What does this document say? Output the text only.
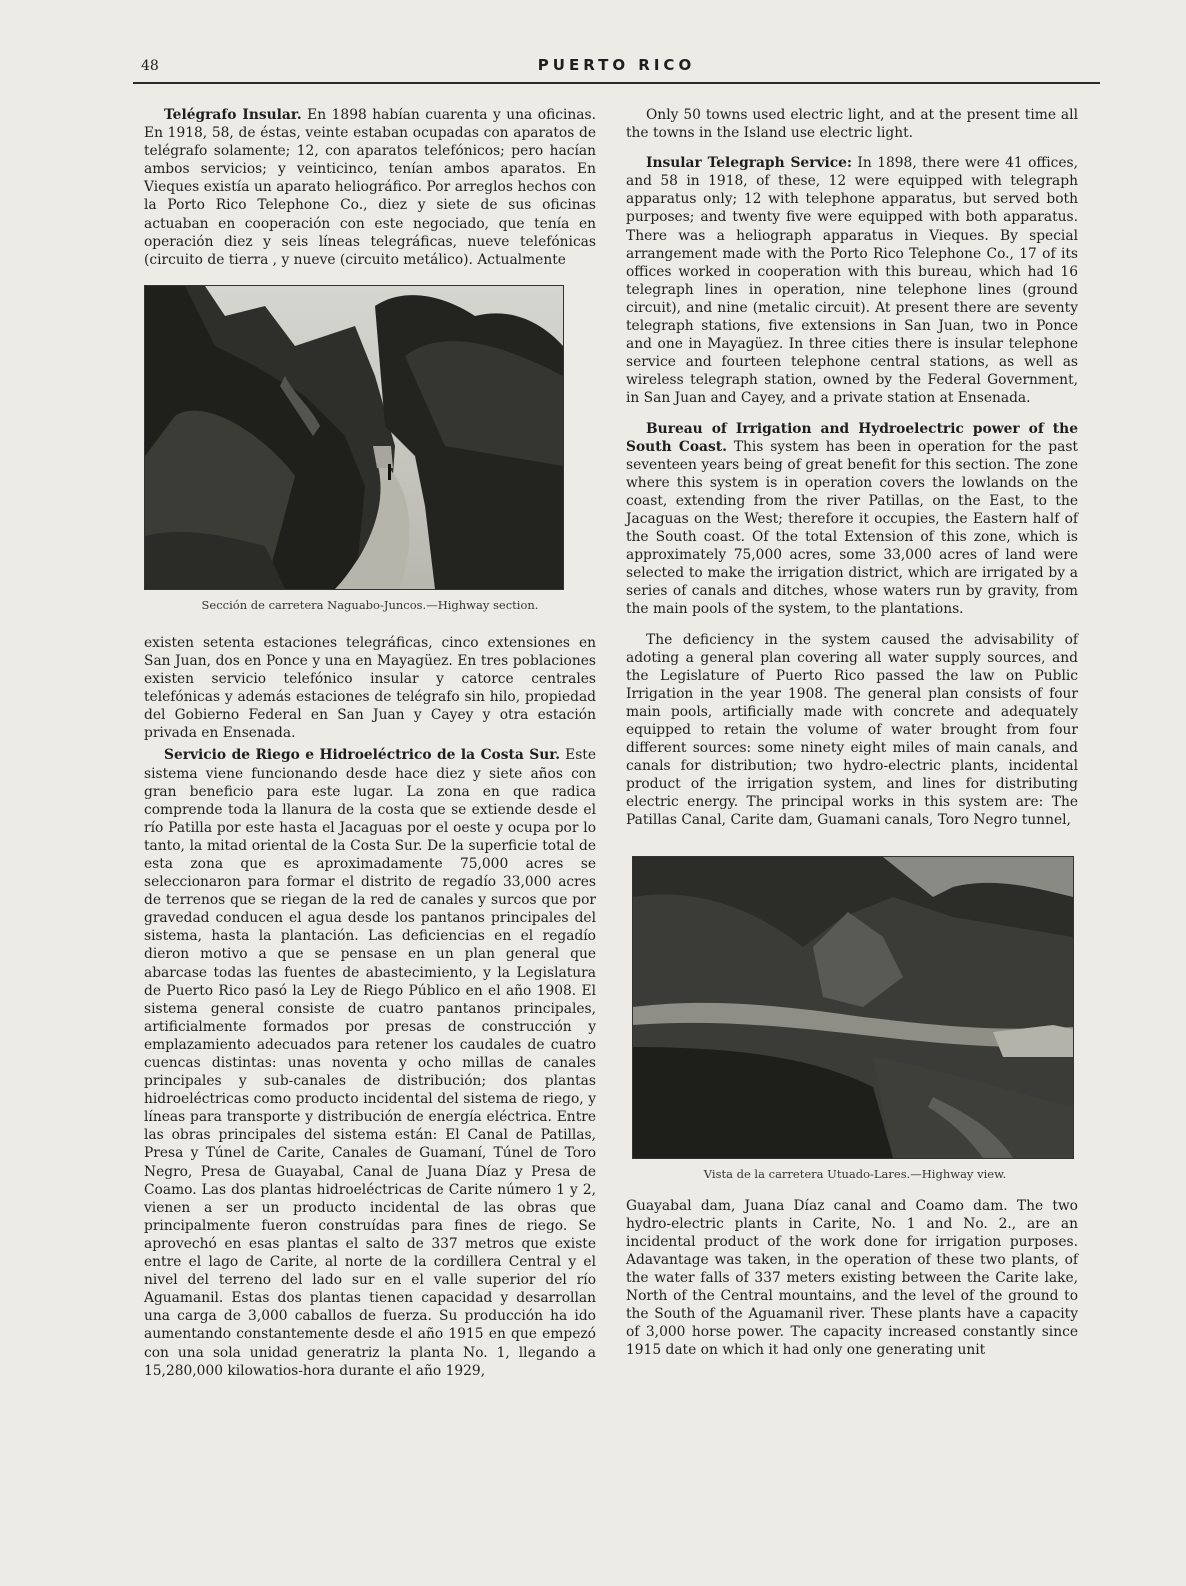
48	PUERTO RICO

Telégrafo Insular. En 1898 habían cuarenta y una oficinas. En 1918, 58, de éstas, veinte estaban ocupadas con aparatos de telégrafo solamente; 12, con aparatos telefónicos; pero hacían ambos servicios; y veinticinco, tenían ambos aparatos. En Vieques existía un aparato heliográfico. Por arreglos hechos con la Porto Rico Telephone Co., diez y siete de sus oficinas actuaban en cooperación con este negociado, que tenía en operación diez y seis líneas telegráficas, nueve telefónicas (circuito de tierra , y nueve (circuito metálico). Actualmente

Sección de carretera Naguabo-Juncos.—Highway section.

existen setenta estaciones telegráficas, cinco extensiones en San Juan, dos en Ponce y una en Mayagüez. En tres poblaciones existen servicio telefónico insular y catorce centrales telefónicas y además estaciones de telégrafo sin hilo, propiedad del Gobierno Federal en San Juan y Cayey y otra estación privada en Ensenada.

Servicio de Riego e Hidroeléctrico de la Costa Sur. Este sistema viene funcionando desde hace diez y siete años con gran beneficio para este lugar. La zona en que radica comprende toda la llanura de la costa que se extiende desde el río Patilla por este hasta el Jacaguas por el oeste y ocupa por lo tanto, la mitad oriental de la Costa Sur. De la superficie total de esta zona que es aproximadamente 75,000 acres se seleccionaron para formar el distrito de regadío 33,000 acres de terrenos que se riegan de la red de canales y surcos que por gravedad conducen el agua desde los pantanos principales del sistema, hasta la plantación. Las deficiencias en el regadío dieron motivo a que se pensase en un plan general que abarcase todas las fuentes de abastecimiento, y la Legislatura de Puerto Rico pasó la Ley de Riego Público en el año 1908. El sistema general consiste de cuatro pantanos principales, artificialmente formados por presas de construcción y emplazamiento adecuados para retener los caudales de cuatro cuencas distintas: unas noventa y ocho millas de canales principales y sub-canales de distribución; dos plantas hidroeléctricas como producto incidental del sistema de riego, y líneas para transporte y distribución de energía eléctrica. Entre las obras principales del sistema están: El Canal de Patillas, Presa y Túnel de Carite, Canales de Guamaní, Túnel de Toro Negro, Presa de Guayabal, Canal de Juana Díaz y Presa de Coamo. Las dos plantas hidroeléctricas de Carite número 1 y 2, vienen a ser un producto incidental de las obras que principalmente fueron construídas para fines de riego. Se aprovechó en esas plantas el salto de 337 metros que existe entre el lago de Carite, al norte de la cordillera Central y el nivel del terreno del lado sur en el valle superior del río Aguamanil. Estas dos plantas tienen capacidad y desarrollan una carga de 3,000 caballos de fuerza. Su producción ha ido aumentando constantemente desde el año 1915 en que empezó con una sola unidad generatriz la planta No. 1, llegando a 15,280,000 kilowatios-hora durante el año 1929,

Only 50 towns used electric light, and at the present time all the towns in the Island use electric light.

Insular Telegraph Service: In 1898, there were 41 offices, and 58 in 1918, of these, 12 were equipped with telegraph apparatus only; 12 with telephone apparatus, but served both purposes; and twenty five were equipped with both apparatus. There was a heliograph apparatus in Vieques. By special arrangement made with the Porto Rico Telephone Co., 17 of its offices worked in cooperation with this bureau, which had 16 telegraph lines in operation, nine telephone lines (ground circuit), and nine (metalic circuit). At present there are seventy telegraph stations, five extensions in San Juan, two in Ponce and one in Mayagüez. In three cities there is insular telephone service and fourteen telephone central stations, as well as wireless telegraph station, owned by the Federal Government, in San Juan and Cayey, and a private station at Ensenada.

Bureau of Irrigation and Hydroelectric power of the South Coast. This system has been in operation for the past seventeen years being of great benefit for this section. The zone where this system is in operation covers the lowlands on the coast, extending from the river Patillas, on the East, to the Jacaguas on the West; therefore it occupies, the Eastern half of the South coast. Of the total Extension of this zone, which is approximately 75,000 acres, some 33,000 acres of land were selected to make the irrigation district, which are irrigated by a series of canals and ditches, whose waters run by gravity, from the main pools of the system, to the plantations.

The deficiency in the system caused the advisability of adoting a general plan covering all water supply sources, and the Legislature of Puerto Rico passed the law on Public Irrigation in the year 1908. The general plan consists of four main pools, artificially made with concrete and adequately equipped to retain the volume of water brought from four different sources: some ninety eight miles of main canals, and canals for distribution; two hydro-electric plants, incidental product of the irrigation system, and lines for distributing electric energy. The principal works in this system are: The Patillas Canal, Carite dam, Guamani canals, Toro Negro tunnel,

Vista de la carretera Utuado-Lares.—Highway view.

Guayabal dam, Juana Díaz canal and Coamo dam. The two hydro-electric plants in Carite, No. 1 and No. 2., are an incidental product of the work done for irrigation purposes. Adavantage was taken, in the operation of these two plants, of the water falls of 337 meters existing between the Carite lake, North of the Central mountains, and the level of the ground to the South of the Aguamanil river. These plants have a capacity of 3,000 horse power. The capacity increased constantly since 1915 date on which it had only one generating unit
